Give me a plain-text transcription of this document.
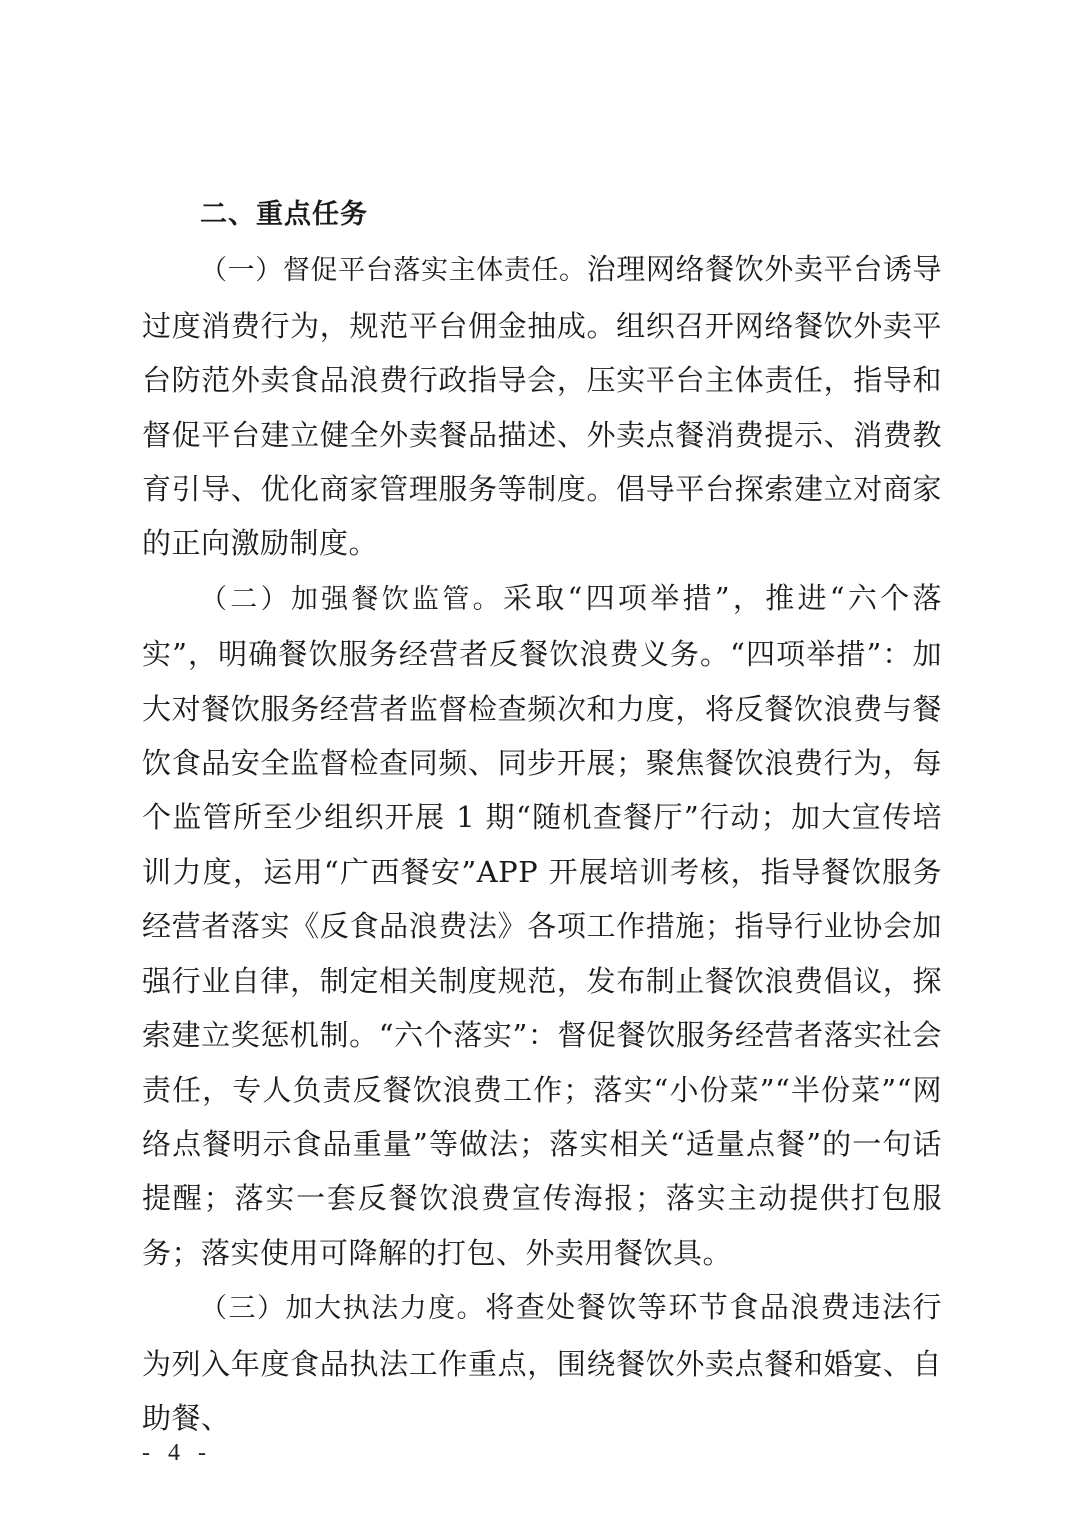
二、重点任务

（一）督促平台落实主体责任。治理网络餐饮外卖平台诱导过度消费行为，规范平台佣金抽成。组织召开网络餐饮外卖平台防范外卖食品浪费行政指导会，压实平台主体责任，指导和督促平台建立健全外卖餐品描述、外卖点餐消费提示、消费教育引导、优化商家管理服务等制度。倡导平台探索建立对商家的正向激励制度。

（二）加强餐饮监管。采取“四项举措”，推进“六个落实”，明确餐饮服务经营者反餐饮浪费义务。“四项举措”：加大对餐饮服务经营者监督检查频次和力度，将反餐饮浪费与餐饮食品安全监督检查同频、同步开展；聚焦餐饮浪费行为，每个监管所至少组织开展 1 期“随机查餐厅”行动；加大宣传培训力度，运用“广西餐安”APP 开展培训考核，指导餐饮服务经营者落实《反食品浪费法》各项工作措施；指导行业协会加强行业自律，制定相关制度规范，发布制止餐饮浪费倡议，探索建立奖惩机制。“六个落实”：督促餐饮服务经营者落实社会责任，专人负责反餐饮浪费工作；落实“小份菜”“半份菜”“网络点餐明示食品重量”等做法；落实相关“适量点餐”的一句话提醒；落实一套反餐饮浪费宣传海报；落实主动提供打包服务；落实使用可降解的打包、外卖用餐饮具。

（三）加大执法力度。将查处餐饮等环节食品浪费违法行为列入年度食品执法工作重点，围绕餐饮外卖点餐和婚宴、自助餐、

- 4 -
